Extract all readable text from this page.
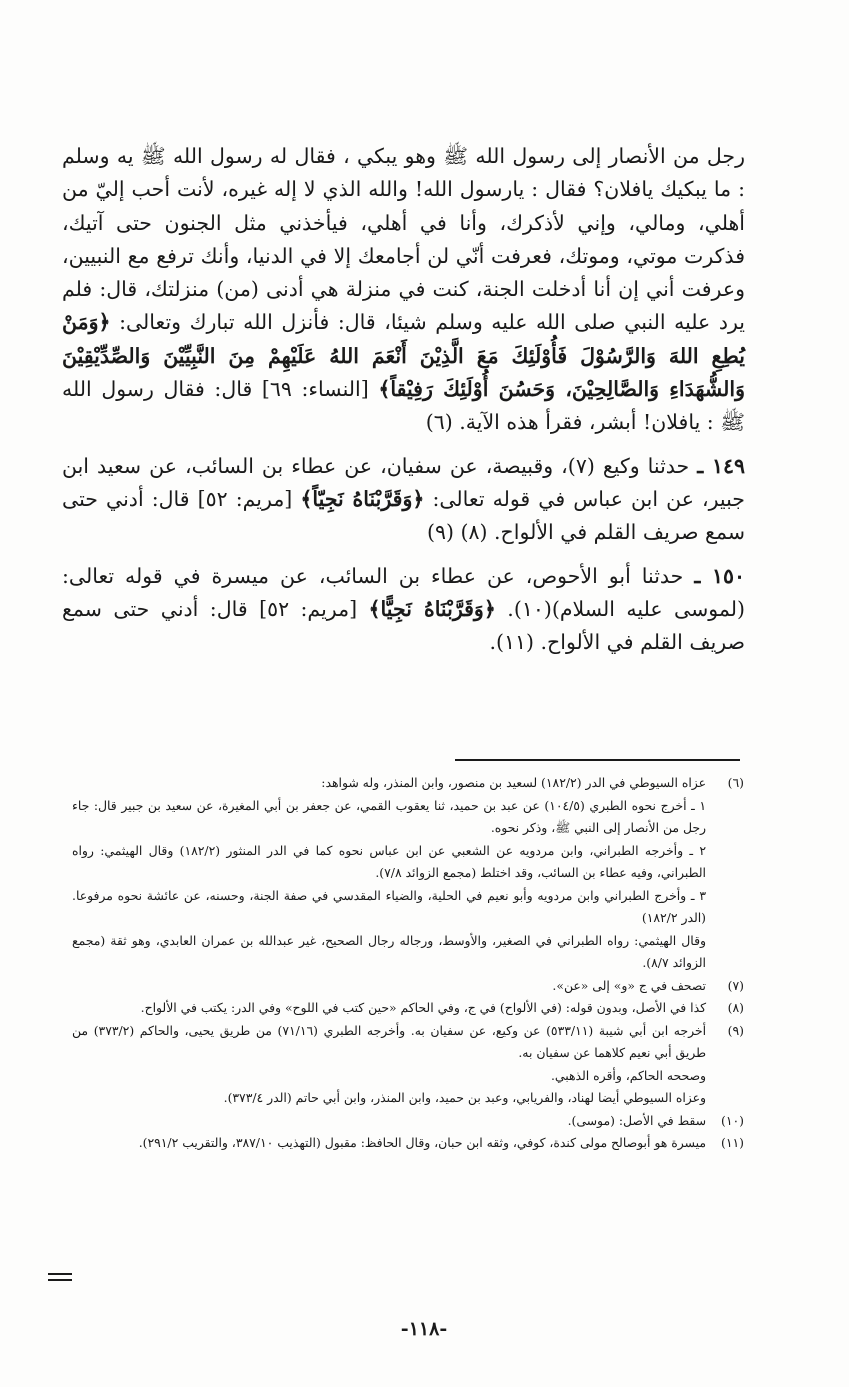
رجل من الأنصار إلى رسول الله ﷺ وهو يبكي ، فقال له رسول الله ﷺ يه وسلم : ما يبكيك يافلان؟ فقال : يارسول الله! والله الذي لا إله غيره، لأنت أحب إليّ من أهلي، ومالي، وإني لأذكرك، وأنا في أهلي، فيأخذني مثل الجنون حتى آتيك، فذكرت موتي، وموتك، فعرفت أنّي لن أجامعك إلا في الدنيا، وأنك ترفع مع النبيين، وعرفت أني إن أنا أدخلت الجنة، كنت في منزلة هي أدنى (من) منزلتك، قال: فلم يرد عليه النبي صلى الله عليه وسلم شيئا، قال: فأنزل الله تبارك وتعالى: ﴿وَمَنْ يُطِعِ اللهَ وَالرَّسُوْلَ فَأُوْلَئِكَ مَعَ الَّذِيْنَ أَنْعَمَ اللهُ عَلَيْهِمْ مِنَ النَّبِيِّيْنَ وَالصِّدِّيْقِيْنَ وَالشُّهَدَاءِ وَالصَّالِحِيْنَ، وَحَسُنَ أُوْلَئِكَ رَفِيْقاً﴾ [النساء: ٦٩] قال: فقال رسول الله ﷺ : يافلان! أبشر، فقرأ هذه الآية. (٦)

١٤٩ ـ حدثنا وكيع (٧)، وقبيصة، عن سفيان، عن عطاء بن السائب، عن سعيد ابن جبير، عن ابن عباس في قوله تعالى: ﴿وَقَرَّبْنَاهُ نَجِيّاً﴾ [مريم: ٥٢] قال: أدني حتى سمع صريف القلم في الألواح. (٨) (٩)

١٥٠ ـ حدثنا أبو الأحوص، عن عطاء بن السائب، عن ميسرة في قوله تعالى: (لموسى عليه السلام)(١٠). ﴿وَقَرَّبْنَاهُ نَجِيًّا﴾ [مريم: ٥٢] قال: أدني حتى سمع صريف القلم في الألواح. (١١).

(٦)

عزاه السيوطي في الدر (١٨٢/٢) لسعيد بن منصور، وابن المنذر، وله شواهد:

١ ـ أخرج نحوه الطبري (١٠٤/٥) عن عبد بن حميد، ثنا يعقوب القمي، عن جعفر بن أبي المغيرة، عن سعيد بن جبير قال: جاء رجل من الأنصار إلى النبي ﷺ، وذكر نحوه.

٢ ـ وأخرجه الطبراني، وابن مردويه عن الشعبي عن ابن عباس نحوه كما في الدر المنثور (١٨٢/٢) وقال الهيثمي: رواه الطبراني، وفيه عطاء بن السائب، وقد اختلط (مجمع الزوائد ٧/٨).

٣ ـ وأخرج الطبراني وابن مردويه وأبو نعيم في الحلية، والضياء المقدسي في صفة الجنة، وحسنه، عن عائشة نحوه مرفوعا. (الدر ١٨٢/٢)

وقال الهيثمي: رواه الطبراني في الصغير، والأوسط، ورجاله رجال الصحيح، غير عبدالله بن عمران العابدي، وهو ثقة (مجمع الزوائد ٨/٧).

(٧)

تصحف في ج «و» إلى «عن».

(٨)

كذا في الأصل، وبدون قوله: (في الألواح) في ج، وفي الحاكم «حين كتب في اللوح» وفي الدر: يكتب في الألواح.

(٩)

أخرجه ابن أبي شيبة (٥٣٣/١١) عن وكيع، عن سفيان به. وأخرجه الطبري (٧١/١٦) من طريق يحيى، والحاكم (٣٧٣/٢) من طريق أبي نعيم كلاهما عن سفيان به.

وصححه الحاكم، وأقره الذهبي.

وعزاه السيوطي أيضا لهناد، والفريابي، وعبد بن حميد، وابن المنذر، وابن أبي حاتم (الدر ٣٧٣/٤).

(١٠)

سقط في الأصل: (موسى).

(١١)

ميسرة هو أبوصالح مولى كندة، كوفي، وثقه ابن حبان، وقال الحافظ: مقبول (التهذيب ٣٨٧/١٠، والتقريب ٢٩١/٢).

-١١٨-
